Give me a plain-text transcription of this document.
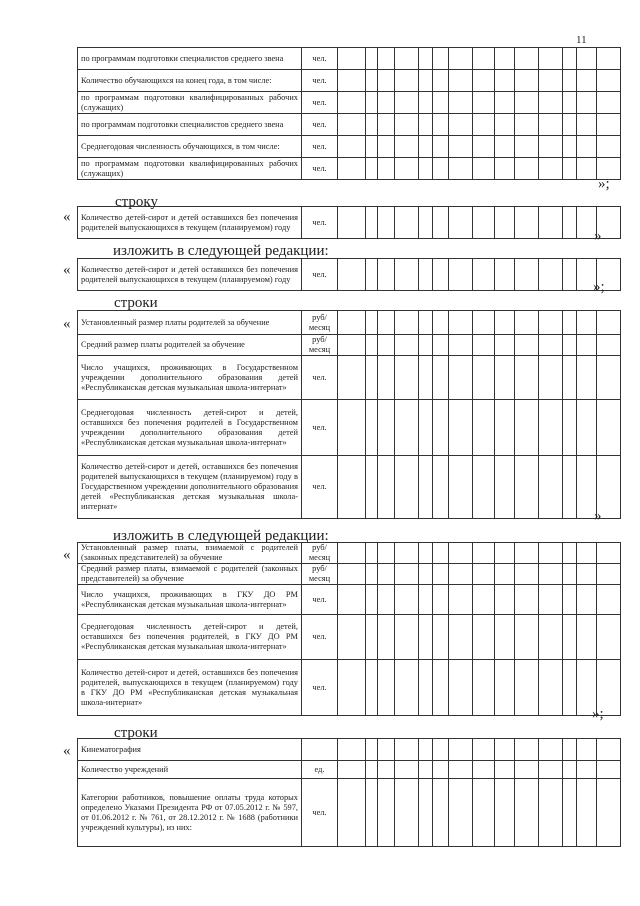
11
по программам подготовки специалистов среднего звена	чел.														
Количество обучающихся на конец года, в том числе:	чел.														
по программам подготовки квалифицированных рабочих (служащих)	чел.														
по программам подготовки специалистов среднего звена	чел.														
Среднегодовая численность обучающихся, в том числе:	чел.														
по программам подготовки квалифицированных рабочих (служащих)	чел.														
»;
строку
« Количество детей-сирот и детей оставшихся без попечения родителей выпускающихся в текущем (планируемом) году	чел.														
»
изложить в следующей редакции:
« Количество детей-сирот и детей оставшихся без попечения родителей выпускающихся в текущем (планируемом) году	чел.														
»;
строки
« Установленный размер платы родителей за обучение	руб/ месяц														
Средний размер платы родителей за обучение	руб/ месяц														
Число учащихся, проживающих в Государственном учреждении дополнительного образования детей «Республиканская детская музыкальная школа-интернат»	чел.														
Среднегодовая численность детей-сирот и детей, оставшихся без попечения родителей в Государственном учреждении дополнительного образования детей «Республиканская детская музыкальная школа-интернат»	чел.														
Количество детей-сирот и детей, оставшихся без попечения родителей выпускающихся в текущем (планируемом) году в Государственном учреждении дополнительного образования детей «Республиканская детская музыкальная школа-интернат»	чел.														
»
изложить в следующей редакции:
« Установленный размер платы, взимаемой с родителей (законных представителей) за обучение	руб/ месяц														
Средний размер платы, взимаемой с родителей (законных представителей) за обучение	руб/ месяц														
Число учащихся, проживающих в ГКУ ДО РМ «Республиканская детская музыкальная школа-интернат»	чел.														
Среднегодовая численность детей-сирот и детей, оставшихся без попечения родителей, в ГКУ ДО РМ «Республиканская детская музыкальная школа-интернат»	чел.														
Количество детей-сирот и детей, оставшихся без попечения родителей, выпускающихся в текущем (планируемом) году в ГКУ ДО РМ «Республиканская детская музыкальная школа-интернат»	чел.														
»;
строки
« Кинематография															
Количество учреждений	ед.														
Категории работников, повышение оплаты труда которых определено Указами Президента РФ от 07.05.2012 г. № 597, от 01.06.2012 г. № 761, от 28.12.2012 г. № 1688 (работники учреждений культуры), из них:	чел.														
